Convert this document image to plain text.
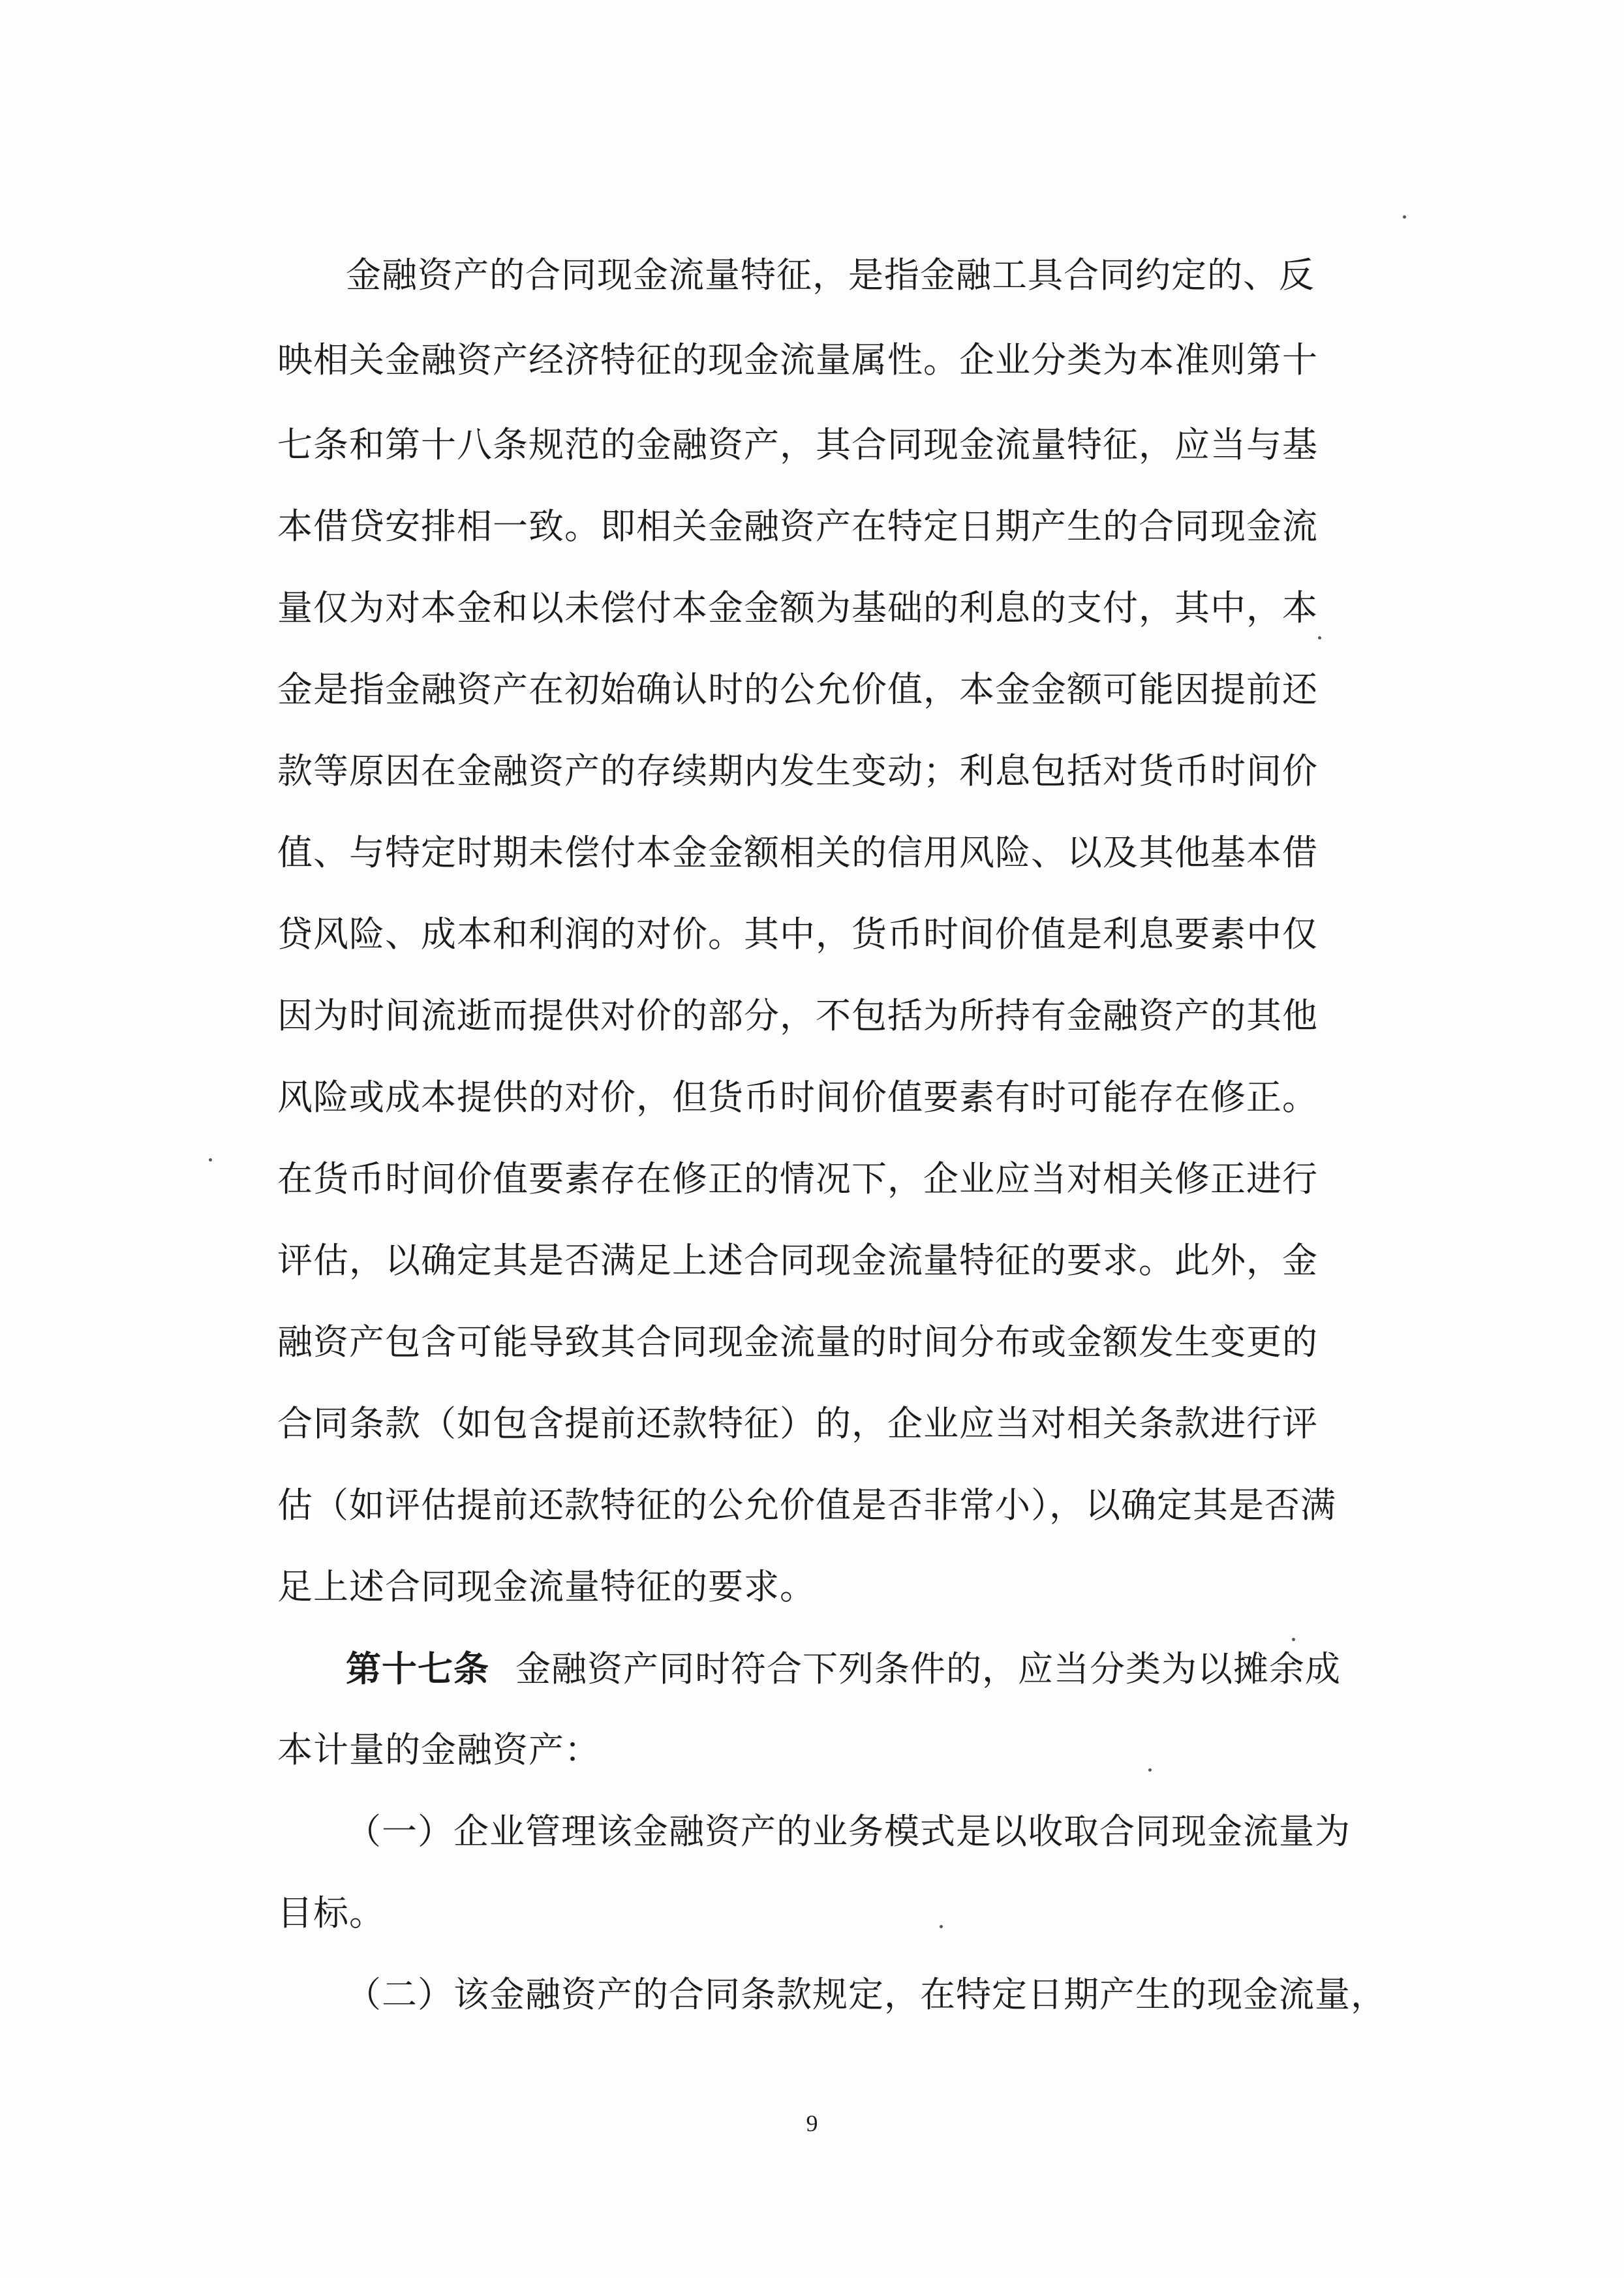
金融资产的合同现金流量特征，是指金融工具合同约定的、反
映相关金融资产经济特征的现金流量属性。企业分类为本准则第十
七条和第十八条规范的金融资产，其合同现金流量特征，应当与基
本借贷安排相一致。即相关金融资产在特定日期产生的合同现金流
量仅为对本金和以未偿付本金金额为基础的利息的支付，其中，本
金是指金融资产在初始确认时的公允价值，本金金额可能因提前还
款等原因在金融资产的存续期内发生变动；利息包括对货币时间价
值、与特定时期未偿付本金金额相关的信用风险、以及其他基本借
贷风险、成本和利润的对价。其中，货币时间价值是利息要素中仅
因为时间流逝而提供对价的部分，不包括为所持有金融资产的其他
风险或成本提供的对价，但货币时间价值要素有时可能存在修正。
在货币时间价值要素存在修正的情况下，企业应当对相关修正进行
评估，以确定其是否满足上述合同现金流量特征的要求。此外，金
融资产包含可能导致其合同现金流量的时间分布或金额发生变更的
合同条款（如包含提前还款特征）的，企业应当对相关条款进行评
估（如评估提前还款特征的公允价值是否非常小），以确定其是否满
足上述合同现金流量特征的要求。
第十七条 金融资产同时符合下列条件的，应当分类为以摊余成
本计量的金融资产：
（一）企业管理该金融资产的业务模式是以收取合同现金流量为
目标。
（二）该金融资产的合同条款规定，在特定日期产生的现金流量，
9
